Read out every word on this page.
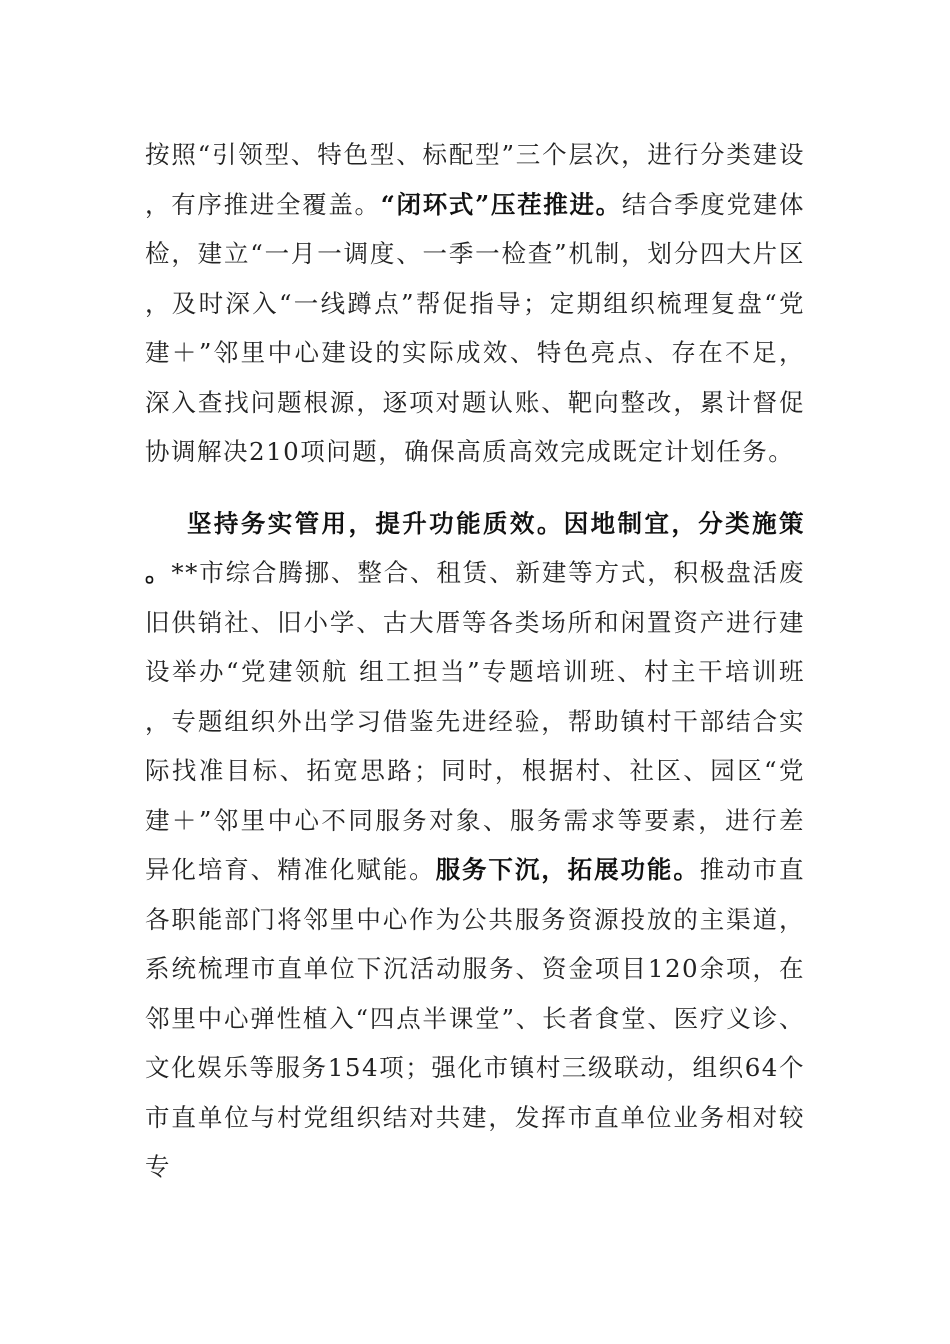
按照“引领型、特色型、标配型”三个层次，进行分类建设，有序推进全覆盖。“闭环式”压茬推进。结合季度党建体检，建立“一月一调度、一季一检查”机制，划分四大片区，及时深入“一线蹲点”帮促指导；定期组织梳理复盘“党建＋”邻里中心建设的实际成效、特色亮点、存在不足，深入查找问题根源，逐项对题认账、靶向整改，累计督促协调解决210项问题，确保高质高效完成既定计划任务。

坚持务实管用，提升功能质效。因地制宜，分类施策。**市综合腾挪、整合、租赁、新建等方式，积极盘活废旧供销社、旧小学、古大厝等各类场所和闲置资产进行建设举办“党建领航 组工担当”专题培训班、村主干培训班，专题组织外出学习借鉴先进经验，帮助镇村干部结合实际找准目标、拓宽思路；同时，根据村、社区、园区“党建＋”邻里中心不同服务对象、服务需求等要素，进行差异化培育、精准化赋能。服务下沉，拓展功能。推动市直各职能部门将邻里中心作为公共服务资源投放的主渠道，系统梳理市直单位下沉活动服务、资金项目120余项，在邻里中心弹性植入“四点半课堂”、长者食堂、医疗义诊、文化娱乐等服务154项；强化市镇村三级联动，组织64个市直单位与村党组织结对共建，发挥市直单位业务相对较专
